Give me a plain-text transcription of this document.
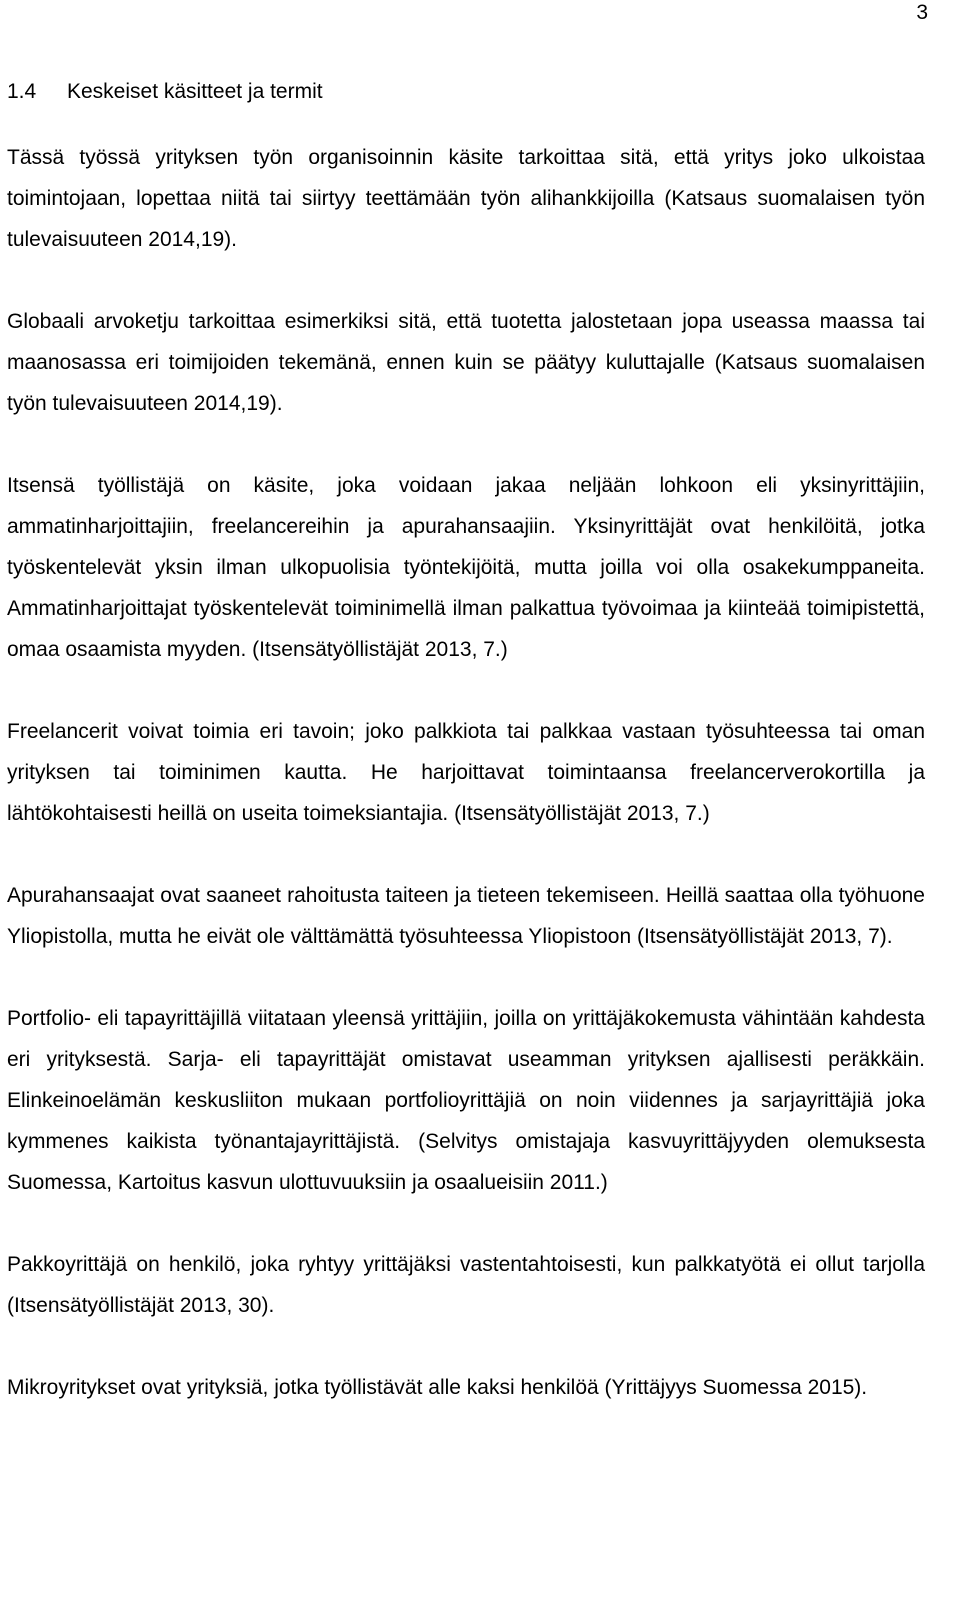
3
1.4	Keskeiset käsitteet ja termit

Tässä työssä yrityksen työn organisoinnin käsite tarkoittaa sitä, että yritys joko ulkoistaa toimintojaan, lopettaa niitä tai siirtyy teettämään työn alihankkijoilla (Katsaus suomalaisen työn tulevaisuuteen 2014,19).

Globaali arvoketju tarkoittaa esimerkiksi sitä, että tuotetta jalostetaan jopa useassa maassa tai maanosassa eri toimijoiden tekemänä, ennen kuin se päätyy kuluttajalle (Katsaus suomalaisen työn tulevaisuuteen 2014,19).

Itsensä työllistäjä on käsite, joka voidaan jakaa neljään lohkoon eli yksinyrittäjiin, ammatinharjoittajiin, freelancereihin ja apurahansaajiin. Yksinyrittäjät ovat henkilöitä, jotka työskentelevät yksin ilman ulkopuolisia työntekijöitä, mutta joilla voi olla osakekumppaneita. Ammatinharjoittajat työskentelevät toiminimellä ilman palkattua työvoimaa ja kiinteää toimipistettä, omaa osaamista myyden. (Itsensätyöllistäjät 2013, 7.)

Freelancerit voivat toimia eri tavoin; joko palkkiota tai palkkaa vastaan työsuhteessa tai oman yrityksen tai toiminimen kautta. He harjoittavat toimintaansa freelancerverokortilla ja lähtökohtaisesti heillä on useita toimeksiantajia. (Itsensätyöllistäjät 2013, 7.)

Apurahansaajat ovat saaneet rahoitusta taiteen ja tieteen tekemiseen. Heillä saattaa olla työhuone Yliopistolla, mutta he eivät ole välttämättä työsuhteessa Yliopistoon (Itsensätyöllistäjät 2013, 7).

Portfolio- eli tapayrittäjillä viitataan yleensä yrittäjiin, joilla on yrittäjäkokemusta vähintään kahdesta eri yrityksestä. Sarja- eli tapayrittäjät omistavat useamman yrityksen ajallisesti peräkkäin. Elinkeinoelämän keskusliiton mukaan portfolioyrittäjiä on noin viidennes ja sarjayrittäjiä joka kymmenes kaikista työnantajayrittäjistä. (Selvitys omistajaja kasvuyrittäjyyden olemuksesta Suomessa, Kartoitus kasvun ulottuvuuksiin ja osaalueisiin 2011.)

Pakkoyrittäjä on henkilö, joka ryhtyy yrittäjäksi vastentahtoisesti, kun palkkatyötä ei ollut tarjolla (Itsensätyöllistäjät 2013, 30).

Mikroyritykset ovat yrityksiä, jotka työllistävät alle kaksi henkilöä (Yrittäjyys Suomessa 2015).
